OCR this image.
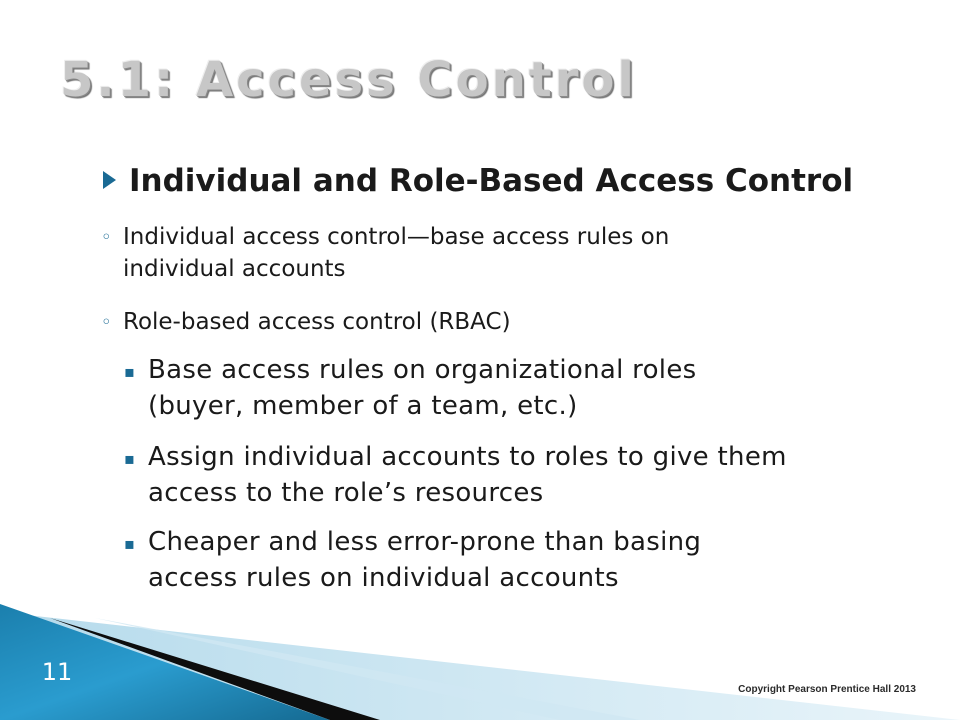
5.1: Access Control
Individual and Role-Based Access Control
◦ Individual access control—base access rules on
individual accounts
◦ Role-based access control (RBAC)
▪ Base access rules on organizational roles
(buyer, member of a team, etc.)
▪ Assign individual accounts to roles to give them
access to the role’s resources
▪ Cheaper and less error-prone than basing
access rules on individual accounts
11
Copyright Pearson Prentice Hall 2013
